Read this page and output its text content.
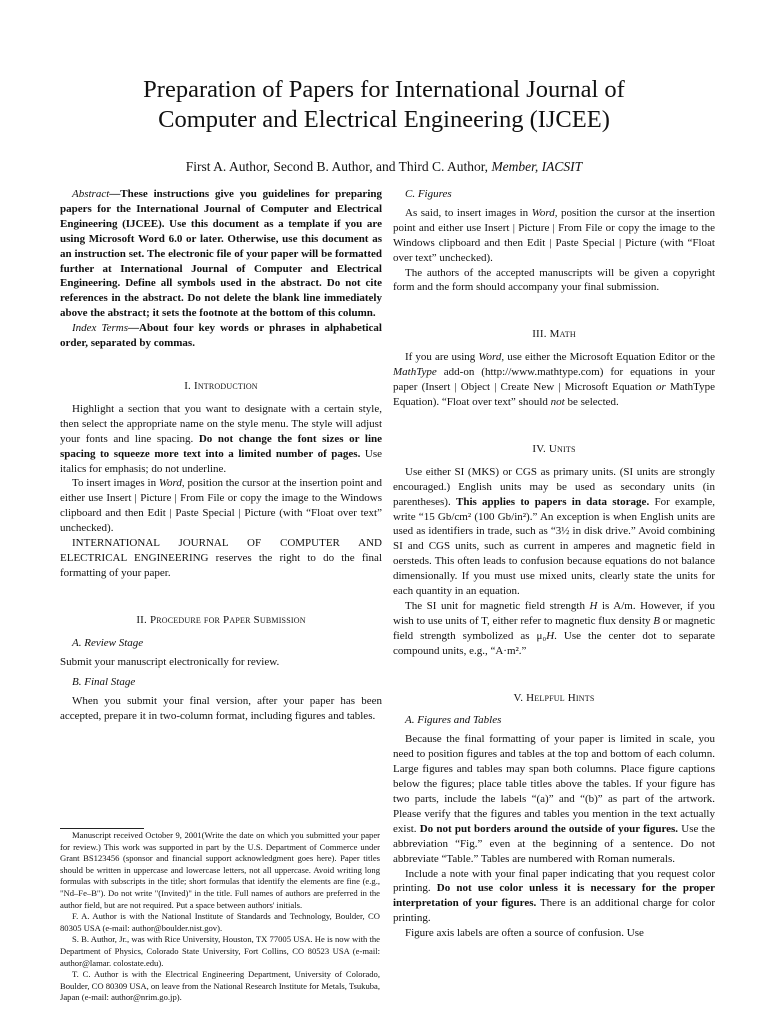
Preparation of Papers for International Journal of
Computer and Electrical Engineering (IJCEE)
First A. Author, Second B. Author, and Third C. Author, Member, IACSIT

Abstract—These instructions give you guidelines for preparing papers for the International Journal of Computer and Electrical Engineering (IJCEE). Use this document as a template if you are using Microsoft Word 6.0 or later. Otherwise, use this document as an instruction set. The electronic file of your paper will be formatted further at International Journal of Computer and Electrical Engineering. Define all symbols used in the abstract. Do not cite references in the abstract. Do not delete the blank line immediately above the abstract; it sets the footnote at the bottom of this column.

Index Terms—About four key words or phrases in alphabetical order, separated by commas.

I. Introduction

Highlight a section that you want to designate with a certain style, then select the appropriate name on the style menu. The style will adjust your fonts and line spacing. Do not change the font sizes or line spacing to squeeze more text into a limited number of pages. Use italics for emphasis; do not underline.

To insert images in Word, position the cursor at the insertion point and either use Insert | Picture | From File or copy the image to the Windows clipboard and then Edit | Paste Special | Picture (with “Float over text” unchecked).

INTERNATIONAL JOURNAL OF COMPUTER AND ELECTRICAL ENGINEERING reserves the right to do the final formatting of your paper.

II. Procedure for Paper Submission
A. Review Stage

Submit your manuscript electronically for review.

B. Final Stage

When you submit your final version, after your paper has been accepted, prepare it in two-column format, including figures and tables.

Manuscript received October 9, 2001(Write the date on which you submitted your paper for review.) This work was supported in part by the U.S. Department of Commerce under Grant BS123456 (sponsor and financial support acknowledgment goes here). Paper titles should be written in uppercase and lowercase letters, not all uppercase. Avoid writing long formulas with subscripts in the title; short formulas that identify the elements are fine (e.g., "Nd–Fe–B"). Do not write "(Invited)" in the title. Full names of authors are preferred in the author field, but are not required. Put a space between authors' initials.

F. A. Author is with the National Institute of Standards and Technology, Boulder, CO 80305 USA (e-mail: author@boulder.nist.gov).

S. B. Author, Jr., was with Rice University, Houston, TX 77005 USA. He is now with the Department of Physics, Colorado State University, Fort Collins, CO 80523 USA (e-mail: author@lamar. colostate.edu).

T. C. Author is with the Electrical Engineering Department, University of Colorado, Boulder, CO 80309 USA, on leave from the National Research Institute for Metals, Tsukuba, Japan (e-mail: author@nrim.go.jp).

C. Figures

As said, to insert images in Word, position the cursor at the insertion point and either use Insert | Picture | From File or copy the image to the Windows clipboard and then Edit | Paste Special | Picture (with “Float over text” unchecked).

The authors of the accepted manuscripts will be given a copyright form and the form should accompany your final submission.

III. Math

If you are using Word, use either the Microsoft Equation Editor or the MathType add-on (http://www.mathtype.com) for equations in your paper (Insert | Object | Create New | Microsoft Equation or MathType Equation). “Float over text” should not be selected.

IV. Units

Use either SI (MKS) or CGS as primary units. (SI units are strongly encouraged.) English units may be used as secondary units (in parentheses). This applies to papers in data storage. For example, write “15 Gb/cm² (100 Gb/in²).” An exception is when English units are used as identifiers in trade, such as “3½ in disk drive.” Avoid combining SI and CGS units, such as current in amperes and magnetic field in oersteds. This often leads to confusion because equations do not balance dimensionally. If you must use mixed units, clearly state the units for each quantity in an equation.

The SI unit for magnetic field strength H is A/m. However, if you wish to use units of T, either refer to magnetic flux density B or magnetic field strength symbolized as μ₀H. Use the center dot to separate compound units, e.g., “A·m².”

V. Helpful Hints
A. Figures and Tables

Because the final formatting of your paper is limited in scale, you need to position figures and tables at the top and bottom of each column. Large figures and tables may span both columns. Place figure captions below the figures; place table titles above the tables. If your figure has two parts, include the labels “(a)” and “(b)” as part of the artwork. Please verify that the figures and tables you mention in the text actually exist. Do not put borders around the outside of your figures. Use the abbreviation “Fig.” even at the beginning of a sentence. Do not abbreviate “Table.” Tables are numbered with Roman numerals.

Include a note with your final paper indicating that you request color printing. Do not use color unless it is necessary for the proper interpretation of your figures. There is an additional charge for color printing.

Figure axis labels are often a source of confusion. Use
